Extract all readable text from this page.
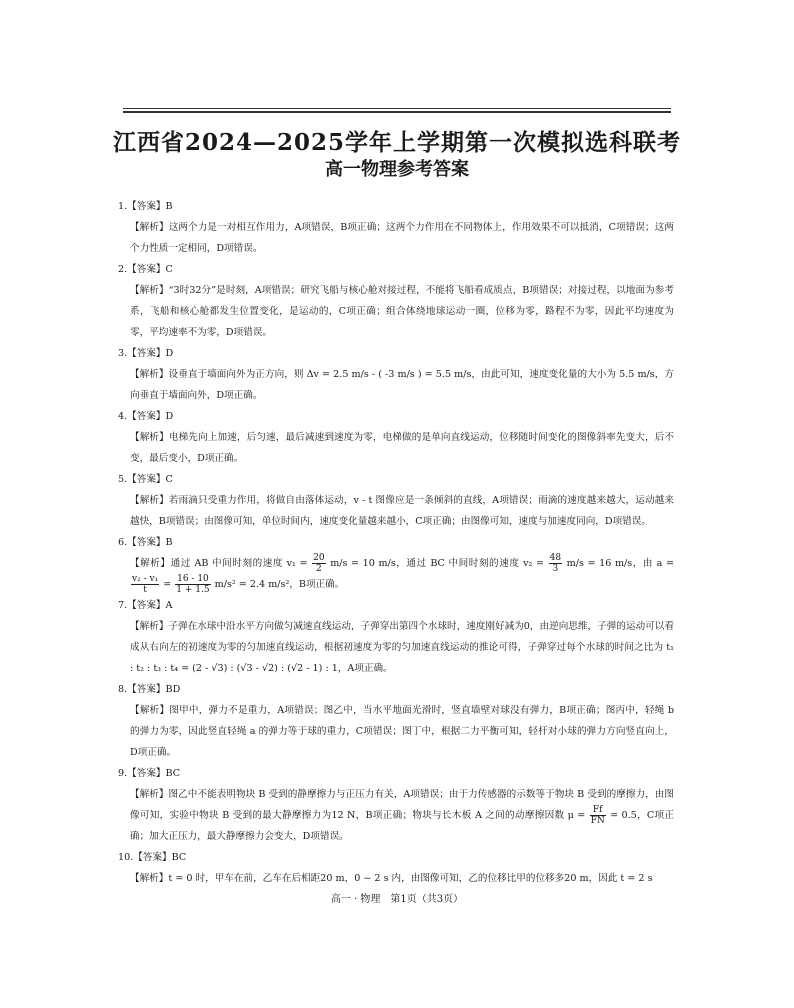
江西省2024—2025学年上学期第一次模拟选科联考
高一物理参考答案
1.【答案】B
【解析】这两个力是一对相互作用力，A项错误，B项正确；这两个力作用在不同物体上，作用效果不可以抵消，C项错误；这两个力性质一定相同，D项错误。
2.【答案】C
【解析】“3时32分”是时刻，A项错误；研究飞船与核心舱对接过程，不能将飞船看成质点，B项错误；对接过程，以地面为参考系，飞船和核心舱都发生位置变化，是运动的，C项正确；组合体绕地球运动一圈，位移为零，路程不为零，因此平均速度为零，平均速率不为零，D项错误。
3.【答案】D
【解析】设垂直于墙面向外为正方向，则 Δv = 2.5 m/s - ( -3 m/s ) = 5.5 m/s，由此可知，速度变化量的大小为 5.5 m/s，方向垂直于墙面向外，D项正确。
4.【答案】D
【解析】电梯先向上加速，后匀速，最后减速到速度为零，电梯做的是单向直线运动，位移随时间变化的图像斜率先变大，后不变，最后变小，D项正确。
5.【答案】C
【解析】若雨滴只受重力作用，将做自由落体运动，v - t 图像应是一条倾斜的直线，A项错误；雨滴的速度越来越大，运动越来越快，B项错误；由图像可知，单位时间内，速度变化量越来越小，C项正确；由图像可知，速度与加速度同向，D项错误。
6.【答案】B
【解析】通过 AB 中间时刻的速度 $v_1 = \frac{20}{2} m/s = 10$ m/s，通过 BC 中间时刻的速度 $v_2 = \frac{48}{3} m/s = 16$ m/s，由 a =
$\frac{\text{v₂ - v₁}}{t} = \frac{16 - 10}{1 + 1.5} m/s^2 = 2.4$ m/s²，B项正确。
7.【答案】A
【解析】子弹在水球中沿水平方向做匀减速直线运动，子弹穿出第四个水球时，速度刚好减为0，由逆向思维，子弹的运动可以看成从右向左的初速度为零的匀加速直线运动，根据初速度为零的匀加速直线运动的推论可得，子弹穿过每个水球的时间之比为 t₁ : t₂ : t₃ : t₄ = (2 - √3) : (√3 - √2) : (√2 - 1) : 1，A项正确。
8.【答案】BD
【解析】图甲中，弹力不是重力，A项错误；图乙中，当水平地面光滑时，竖直墙壁对球没有弹力，B项正确；图丙中，轻绳 b 的弹力为零，因此竖直轻绳 a 的弹力等于球的重力，C项错误；图丁中，根据二力平衡可知，轻杆对小球的弹力方向竖直向上，D项正确。
9.【答案】BC
【解析】图乙中不能表明物块 B 受到的静摩擦力与正压力有关，A项错误；由于力传感器的示数等于物块 B 受到的摩擦力，由图像可知，实验中物块 B 受到的最大静摩擦力为12 N，B项正确；物块与长木板 A 之间的动摩擦因数 $\mu = \frac{Ff}{FN} = 0.5$，C项正确；加大正压力，最大静摩擦力会变大，D项错误。
10.【答案】BC
【解析】t = 0 时，甲车在前，乙车在后相距20 m，0 ~ 2 s 内，由图像可知，乙的位移比甲的位移多20 m，因此 t = 2 s
高一 · 物理　第1页（共3页）
